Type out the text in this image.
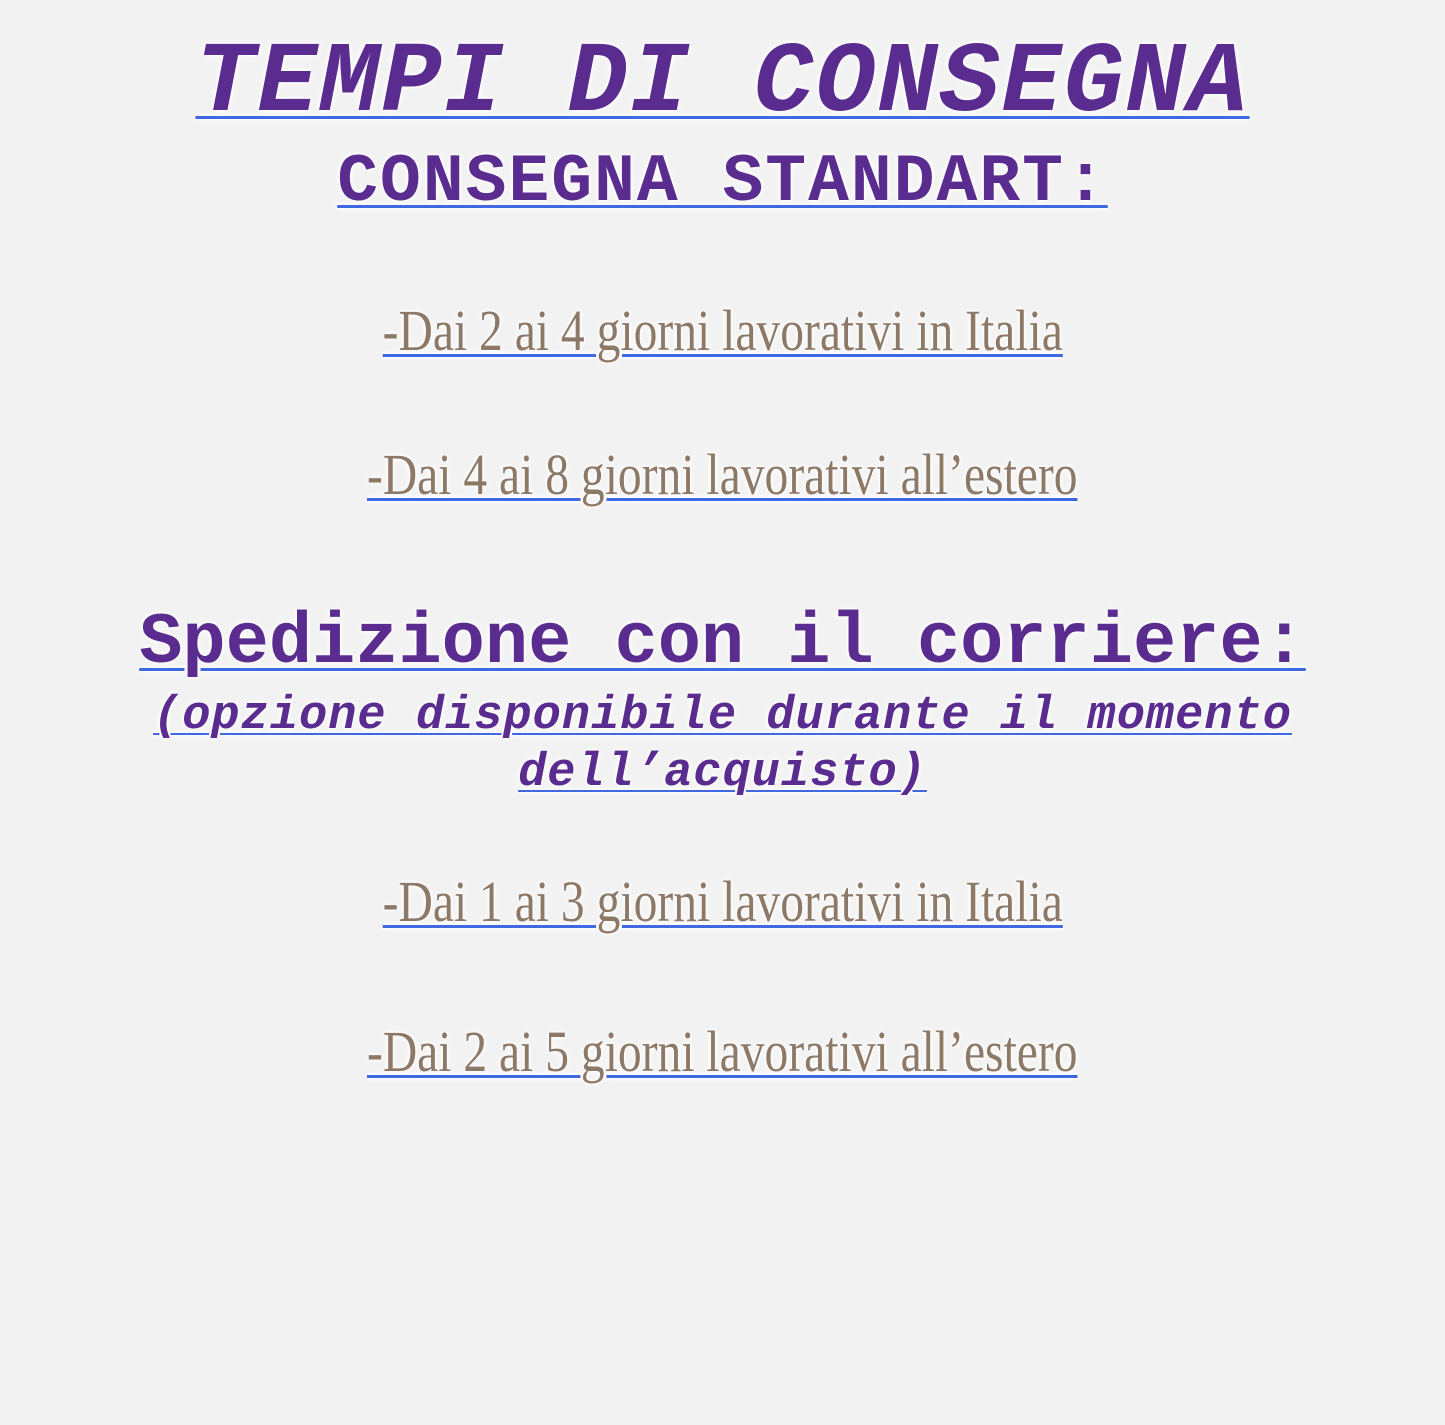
TEMPI DI CONSEGNA
CONSEGNA STANDART:
-Dai 2 ai 4 giorni lavorativi in Italia
-Dai 4 ai 8 giorni lavorativi all’estero
Spedizione con il corriere:
(opzione disponibile durante il momento
dell’acquisto)
-Dai 1 ai 3 giorni lavorativi in Italia
-Dai 2 ai 5 giorni lavorativi all’estero
